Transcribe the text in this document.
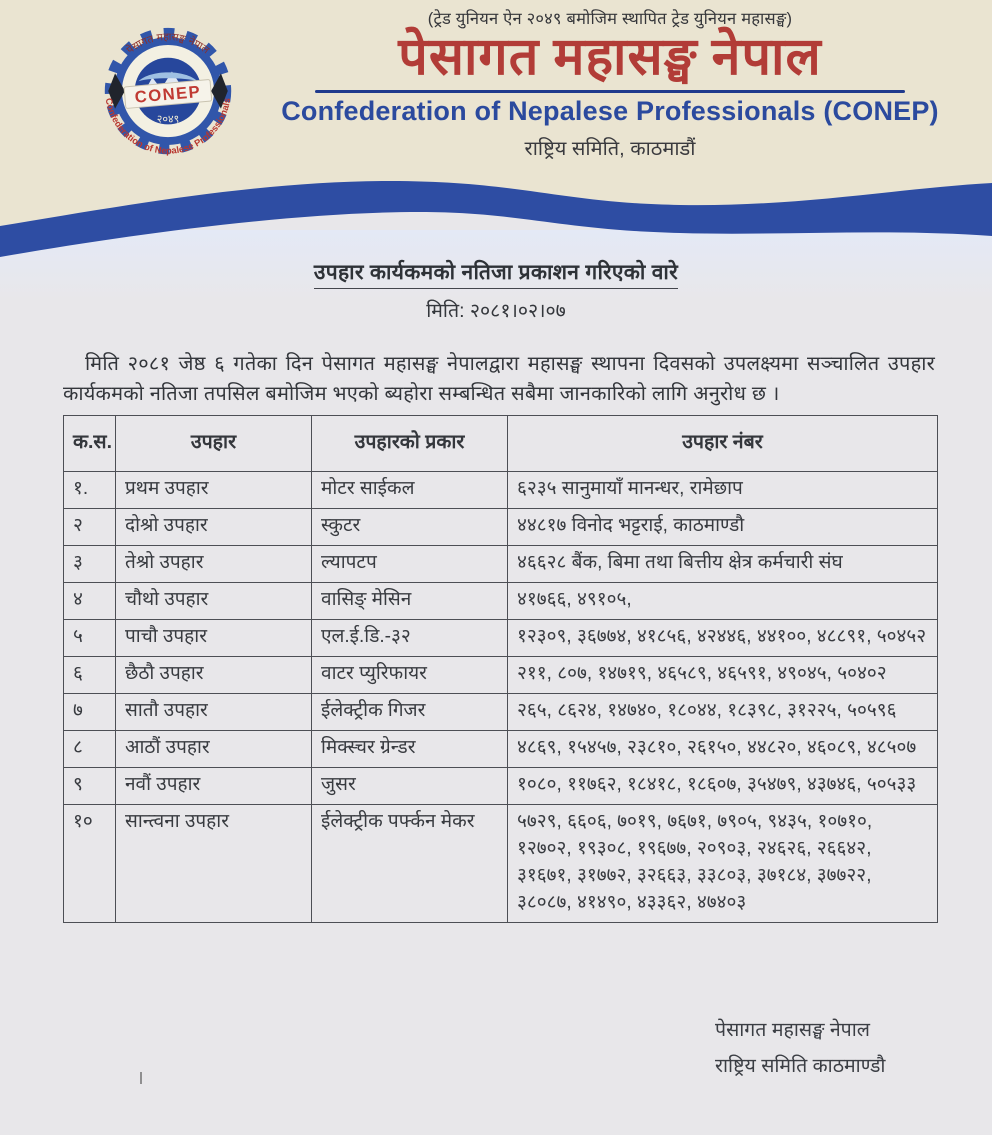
CONEP
२०४९
पेसागत महासङ्घ नेपाल
Confederation of Nepalese Professionals
(ट्रेड युनियन ऐन २०४९ बमोजिम स्थापित ट्रेड युनियन महासङ्घ)
पेसागत महासङ्घ नेपाल
Confederation of Nepalese Professionals (CONEP)
राष्ट्रिय समिति, काठमाडौं
उपहार कार्यकमको नतिजा प्रकाशन गरिएको वारे
मिति: २०८१।०२।०७
मिति २०८१ जेष्ठ ६ गतेका दिन पेसागत महासङ्घ नेपालद्वारा महासङ्घ स्थापना दिवसको उपलक्ष्यमा सञ्चालित उपहार कार्यकमको नतिजा तपसिल बमोजिम भएको ब्यहोरा सम्बन्धित सबैमा जानकारिको लागि अनुरोध छ ।
क.स.	उपहार	उपहारको प्रकार	उपहार नंबर
१.	प्रथम उपहार	मोटर साईकल	६२३५ सानुमायाँ मानन्धर, रामेछाप
२	दोश्रो उपहार	स्कुटर	४४८१७ विनोद भट्टराई, काठमाण्डौ
३	तेश्रो उपहार	ल्यापटप	४६६२८ बैंक, बिमा तथा बित्तीय क्षेत्र कर्मचारी संघ
४	चौथो उपहार	वासिङ् मेसिन	४१७६६, ४९१०५,
५	पाचौ उपहार	एल.ई.डि.-३२	१२३०९, ३६७७४, ४१८५६, ४२४४६, ४४१००, ४८८९१, ५०४५२
६	छैठौ उपहार	वाटर प्युरिफायर	२११, ८०७, १४७१९, ४६५८९, ४६५९१, ४९०४५, ५०४०२
७	सातौ उपहार	ईलेक्ट्रीक गिजर	२६५, ८६२४, १४७४०, १८०४४, १८३९८, ३१२२५, ५०५९६
८	आठौं उपहार	मिक्स्चर ग्रेन्डर	४८६९, १५४५७, २३८१०, २६१५०, ४४८२०, ४६०८९, ४८५०७
९	नवौं उपहार	जुसर	१०८०, ११७६२, १८४१८, १८६०७, ३५४७९, ४३७४६, ५०५३३
१०	सान्त्वना उपहार	ईलेक्ट्रीक पर्फ्कन मेकर	५७२९, ६६०६, ७०१९, ७६७१, ७९०५, ९४३५, १०७१०, १२७०२, १९३०८, १९६७७, २०९०३, २४६२६, २६६४२, ३१६७१, ३१७७२, ३२६६३, ३३८०३, ३७१८४, ३७७२२, ३८०८७, ४१४९०, ४३३६२, ४७४०३
पेसागत महासङ्घ नेपाल
राष्ट्रिय समिति काठमाण्डौ
